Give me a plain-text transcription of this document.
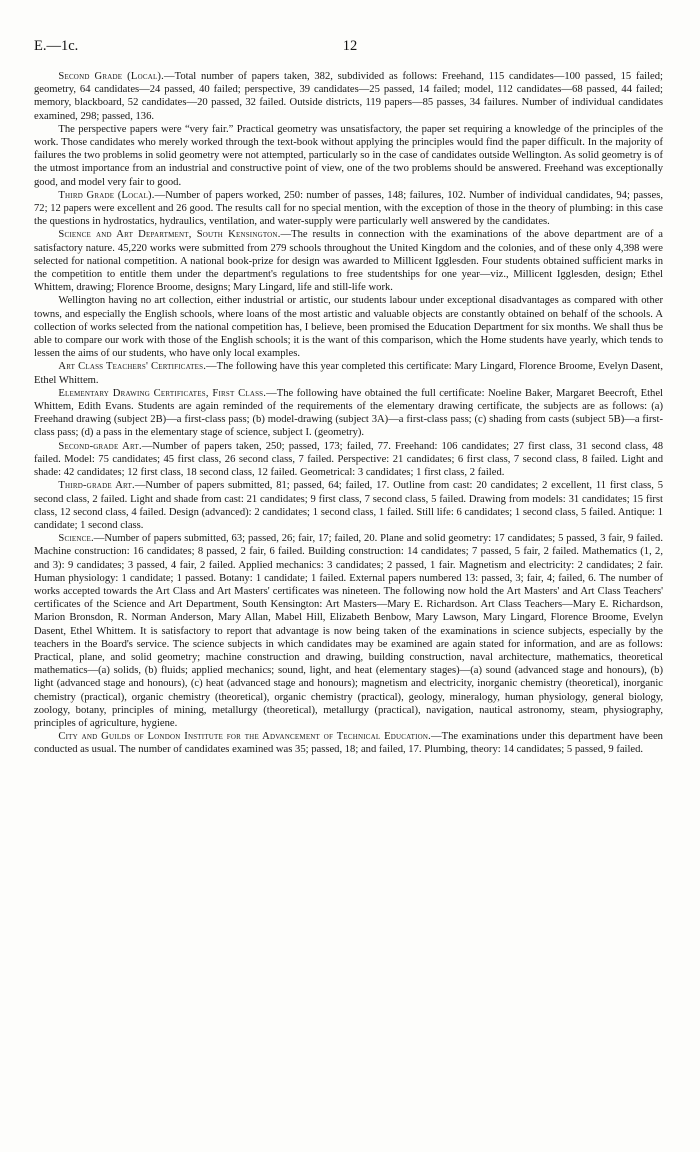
E.—1c.	12

Second Grade (Local).—Total number of papers taken, 382, subdivided as follows: Freehand, 115 candidates—100 passed, 15 failed; geometry, 64 candidates—24 passed, 40 failed; perspective, 39 candidates—25 passed, 14 failed; model, 112 candidates—68 passed, 44 failed; memory, blackboard, 52 candidates—20 passed, 32 failed. Outside districts, 119 papers—85 passes, 34 failures. Number of individual candidates examined, 298; passed, 136.

The perspective papers were “very fair.” Practical geometry was unsatisfactory, the paper set requiring a knowledge of the principles of the work. Those candidates who merely worked through the text-book without applying the principles would find the paper difficult. In the majority of failures the two problems in solid geometry were not attempted, particularly so in the case of candidates outside Wellington. As solid geometry is of the utmost importance from an industrial and constructive point of view, one of the two problems should be answered. Freehand was exceptionally good, and model very fair to good.

Third Grade (Local).—Number of papers worked, 250: number of passes, 148; failures, 102. Number of individual candidates, 94; passes, 72; 12 papers were excellent and 26 good. The results call for no special mention, with the exception of those in the theory of plumbing: in this case the questions in hydrostatics, hydraulics, ventilation, and water-supply were particularly well answered by the candidates.

Science and Art Department, South Kensington.—The results in connection with the examinations of the above department are of a satisfactory nature. 45,220 works were submitted from 279 schools throughout the United Kingdom and the colonies, and of these only 4,398 were selected for national competition. A national book-prize for design was awarded to Millicent Igglesden. Four students obtained sufficient marks in the competition to entitle them under the department's regulations to free studentships for one year—viz., Millicent Igglesden, design; Ethel Whittem, drawing; Florence Broome, designs; Mary Lingard, life and still-life work.

Wellington having no art collection, either industrial or artistic, our students labour under exceptional disadvantages as compared with other towns, and especially the English schools, where loans of the most artistic and valuable objects are constantly obtained on behalf of the schools. A collection of works selected from the national competition has, I believe, been promised the Education Department for six months. We shall thus be able to compare our work with those of the English schools; it is the want of this comparison, which the Home students have yearly, which tends to lessen the aims of our students, who have only local examples.

Art Class Teachers' Certificates.—The following have this year completed this certificate: Mary Lingard, Florence Broome, Evelyn Dasent, Ethel Whittem.

Elementary Drawing Certificates, First Class.—The following have obtained the full certificate: Noeline Baker, Margaret Beecroft, Ethel Whittem, Edith Evans. Students are again reminded of the requirements of the elementary drawing certificate, the subjects are as follows: (a) Freehand drawing (subject 2B)—a first-class pass; (b) model-drawing (subject 3A)—a first-class pass; (c) shading from casts (subject 5B)—a first-class pass; (d) a pass in the elementary stage of science, subject I. (geometry).

Second-grade Art.—Number of papers taken, 250; passed, 173; failed, 77. Freehand: 106 candidates; 27 first class, 31 second class, 48 failed. Model: 75 candidates; 45 first class, 26 second class, 7 failed. Perspective: 21 candidates; 6 first class, 7 second class, 8 failed. Light and shade: 42 candidates; 12 first class, 18 second class, 12 failed. Geometrical: 3 candidates; 1 first class, 2 failed.

Third-grade Art.—Number of papers submitted, 81; passed, 64; failed, 17. Outline from cast: 20 candidates; 2 excellent, 11 first class, 5 second class, 2 failed. Light and shade from cast: 21 candidates; 9 first class, 7 second class, 5 failed. Drawing from models: 31 candidates; 15 first class, 12 second class, 4 failed. Design (advanced): 2 candidates; 1 second class, 1 failed. Still life: 6 candidates; 1 second class, 5 failed. Antique: 1 candidate; 1 second class.

Science.—Number of papers submitted, 63; passed, 26; fair, 17; failed, 20. Plane and solid geometry: 17 candidates; 5 passed, 3 fair, 9 failed. Machine construction: 16 candidates; 8 passed, 2 fair, 6 failed. Building construction: 14 candidates; 7 passed, 5 fair, 2 failed. Mathematics (1, 2, and 3): 9 candidates; 3 passed, 4 fair, 2 failed. Applied mechanics: 3 candidates; 2 passed, 1 fair. Magnetism and electricity: 2 candidates; 2 fair. Human physiology: 1 candidate; 1 passed. Botany: 1 candidate; 1 failed. External papers numbered 13: passed, 3; fair, 4; failed, 6. The number of works accepted towards the Art Class and Art Masters' certificates was nineteen. The following now hold the Art Masters' and Art Class Teachers' certificates of the Science and Art Department, South Kensington: Art Masters—Mary E. Richardson. Art Class Teachers—Mary E. Richardson, Marion Bronsdon, R. Norman Anderson, Mary Allan, Mabel Hill, Elizabeth Benbow, Mary Lawson, Mary Lingard, Florence Broome, Evelyn Dasent, Ethel Whittem. It is satisfactory to report that advantage is now being taken of the examinations in science subjects, especially by the teachers in the Board's service. The science subjects in which candidates may be examined are again stated for information, and are as follows: Practical, plane, and solid geometry; machine construction and drawing, building construction, naval architecture, mathematics, theoretical mathematics—(a) solids, (b) fluids; applied mechanics; sound, light, and heat (elementary stages)—(a) sound (advanced stage and honours), (b) light (advanced stage and honours), (c) heat (advanced stage and honours); magnetism and electricity, inorganic chemistry (theoretical), inorganic chemistry (practical), organic chemistry (theoretical), organic chemistry (practical), geology, mineralogy, human physiology, general biology, zoology, botany, principles of mining, metallurgy (theoretical), metallurgy (practical), navigation, nautical astronomy, steam, physiography, principles of agriculture, hygiene.

City and Guilds of London Institute for the Advancement of Technical Education.—The examinations under this department have been conducted as usual. The number of candidates examined was 35; passed, 18; and failed, 17. Plumbing, theory: 14 candidates; 5 passed, 9 failed.
